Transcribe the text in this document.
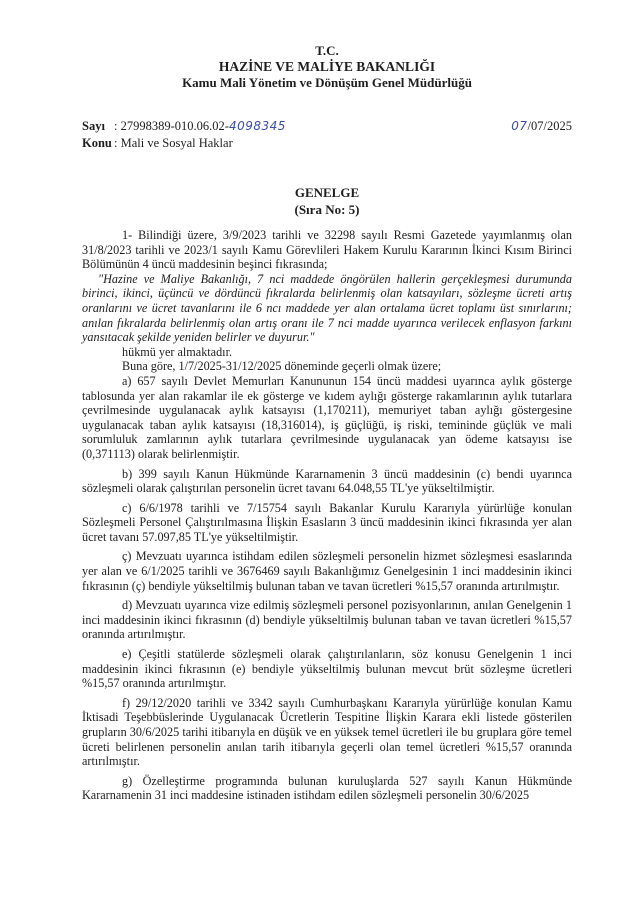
T.C.
HAZİNE VE MALİYE BAKANLIĞI
Kamu Mali Yönetim ve Dönüşüm Genel Müdürlüğü
Sayı : 27998389-010.06.02-4098345	07/07/2025
Konu : Mali ve Sosyal Haklar
GENELGE
(Sıra No: 5)

1- Bilindiği üzere, 3/9/2023 tarihli ve 32298 sayılı Resmi Gazetede yayımlanmış olan 31/8/2023 tarihli ve 2023/1 sayılı Kamu Görevlileri Hakem Kurulu Kararının İkinci Kısım Birinci Bölümünün 4 üncü maddesinin beşinci fıkrasında;

"Hazine ve Maliye Bakanlığı, 7 nci maddede öngörülen hallerin gerçekleşmesi durumunda birinci, ikinci, üçüncü ve dördüncü fıkralarda belirlenmiş olan katsayıları, sözleşme ücreti artış oranlarını ve ücret tavanlarını ile 6 ncı maddede yer alan ortalama ücret toplamı üst sınırlarını; anılan fıkralarda belirlenmiş olan artış oranı ile 7 nci madde uyarınca verilecek enflasyon farkını yansıtacak şekilde yeniden belirler ve duyurur."

hükmü yer almaktadır.

Buna göre, 1/7/2025-31/12/2025 döneminde geçerli olmak üzere;

a) 657 sayılı Devlet Memurları Kanununun 154 üncü maddesi uyarınca aylık gösterge tablosunda yer alan rakamlar ile ek gösterge ve kıdem aylığı gösterge rakamlarının aylık tutarlara çevrilmesinde uygulanacak aylık katsayısı (1,170211), memuriyet taban aylığı göstergesine uygulanacak taban aylık katsayısı (18,316014), iş güçlüğü, iş riski, temininde güçlük ve mali sorumluluk zamlarının aylık tutarlara çevrilmesinde uygulanacak yan ödeme katsayısı ise (0,371113) olarak belirlenmiştir.

b) 399 sayılı Kanun Hükmünde Kararnamenin 3 üncü maddesinin (c) bendi uyarınca sözleşmeli olarak çalıştırılan personelin ücret tavanı 64.048,55 TL'ye yükseltilmiştir.

c) 6/6/1978 tarihli ve 7/15754 sayılı Bakanlar Kurulu Kararıyla yürürlüğe konulan Sözleşmeli Personel Çalıştırılmasına İlişkin Esasların 3 üncü maddesinin ikinci fıkrasında yer alan ücret tavanı 57.097,85 TL'ye yükseltilmiştir.

ç) Mevzuatı uyarınca istihdam edilen sözleşmeli personelin hizmet sözleşmesi esaslarında yer alan ve 6/1/2025 tarihli ve 3676469 sayılı Bakanlığımız Genelgesinin 1 inci maddesinin ikinci fıkrasının (ç) bendiyle yükseltilmiş bulunan taban ve tavan ücretleri %15,57 oranında artırılmıştır.

d) Mevzuatı uyarınca vize edilmiş sözleşmeli personel pozisyonlarının, anılan Genelgenin 1 inci maddesinin ikinci fıkrasının (d) bendiyle yükseltilmiş bulunan taban ve tavan ücretleri %15,57 oranında artırılmıştır.

e) Çeşitli statülerde sözleşmeli olarak çalıştırılanların, söz konusu Genelgenin 1 inci maddesinin ikinci fıkrasının (e) bendiyle yükseltilmiş bulunan mevcut brüt sözleşme ücretleri %15,57 oranında artırılmıştır.

f) 29/12/2020 tarihli ve 3342 sayılı Cumhurbaşkanı Kararıyla yürürlüğe konulan Kamu İktisadi Teşebbüslerinde Uygulanacak Ücretlerin Tespitine İlişkin Karara ekli listede gösterilen grupların 30/6/2025 tarihi itibarıyla en düşük ve en yüksek temel ücretleri ile bu gruplara göre temel ücreti belirlenen personelin anılan tarih itibarıyla geçerli olan temel ücretleri %15,57 oranında artırılmıştır.

g) Özelleştirme programında bulunan kuruluşlarda 527 sayılı Kanun Hükmünde Kararnamenin 31 inci maddesine istinaden istihdam edilen sözleşmeli personelin 30/6/2025
